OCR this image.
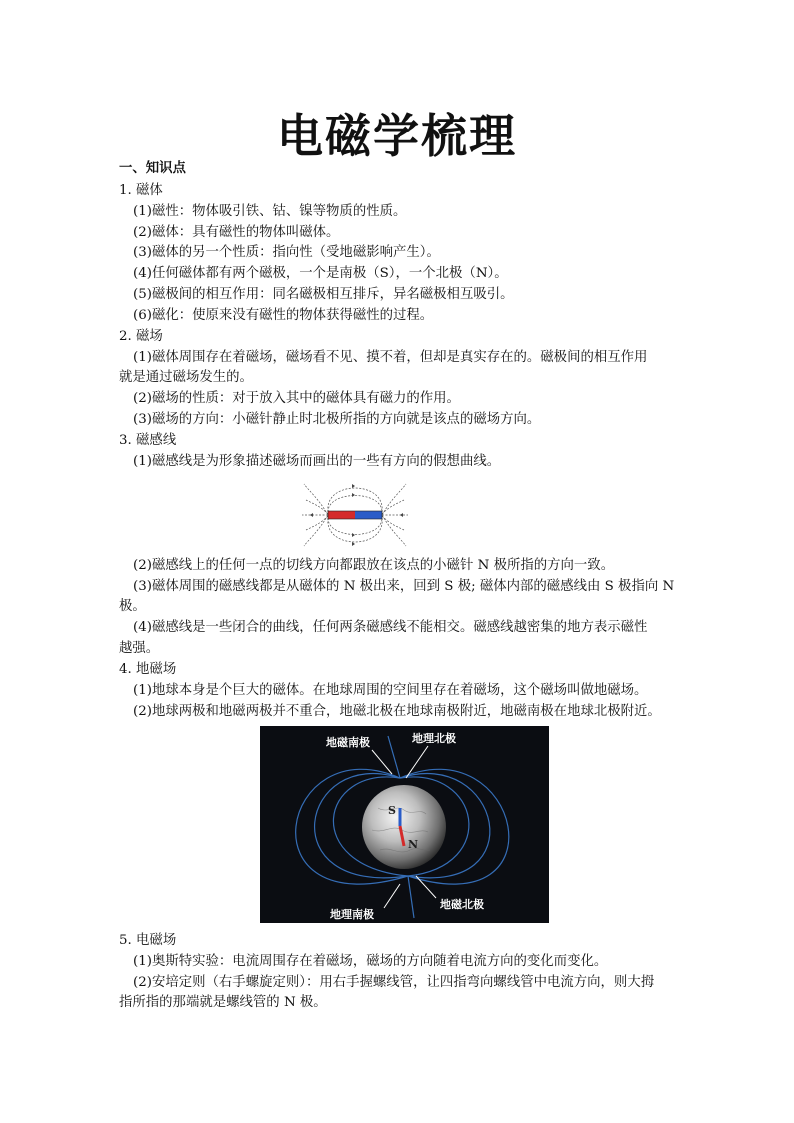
电磁学梳理
一、知识点
1. 磁体
(1)磁性：物体吸引铁、钴、镍等物质的性质。
(2)磁体：具有磁性的物体叫磁体。
(3)磁体的另一个性质：指向性（受地磁影响产生）。
(4)任何磁体都有两个磁极，一个是南极（S），一个北极（N）。
(5)磁极间的相互作用：同名磁极相互排斥，异名磁极相互吸引。
(6)磁化：使原来没有磁性的物体获得磁性的过程。
2. 磁场
(1)磁体周围存在着磁场，磁场看不见、摸不着，但却是真实存在的。磁极间的相互作用
就是通过磁场发生的。
(2)磁场的性质：对于放入其中的磁体具有磁力的作用。
(3)磁场的方向：小磁针静止时北极所指的方向就是该点的磁场方向。
3. 磁感线
(1)磁感线是为形象描述磁场而画出的一些有方向的假想曲线。
(2)磁感线上的任何一点的切线方向都跟放在该点的小磁针 N 极所指的方向一致。
(3)磁体周围的磁感线都是从磁体的 N 极出来，回到 S 极; 磁体内部的磁感线由 S 极指向 N
极。
(4)磁感线是一些闭合的曲线，任何两条磁感线不能相交。磁感线越密集的地方表示磁性
越强。
4. 地磁场
(1)地球本身是个巨大的磁体。在地球周围的空间里存在着磁场，这个磁场叫做地磁场。
(2)地球两极和地磁两极并不重合，地磁北极在地球南极附近，地磁南极在地球北极附近。
S
N
地磁南极	地理北极
地理南极
地磁北极
5. 电磁场
(1)奥斯特实验：电流周围存在着磁场，磁场的方向随着电流方向的变化而变化。
(2)安培定则（右手螺旋定则）：用右手握螺线管，让四指弯向螺线管中电流方向，则大拇
指所指的那端就是螺线管的 N 极。
